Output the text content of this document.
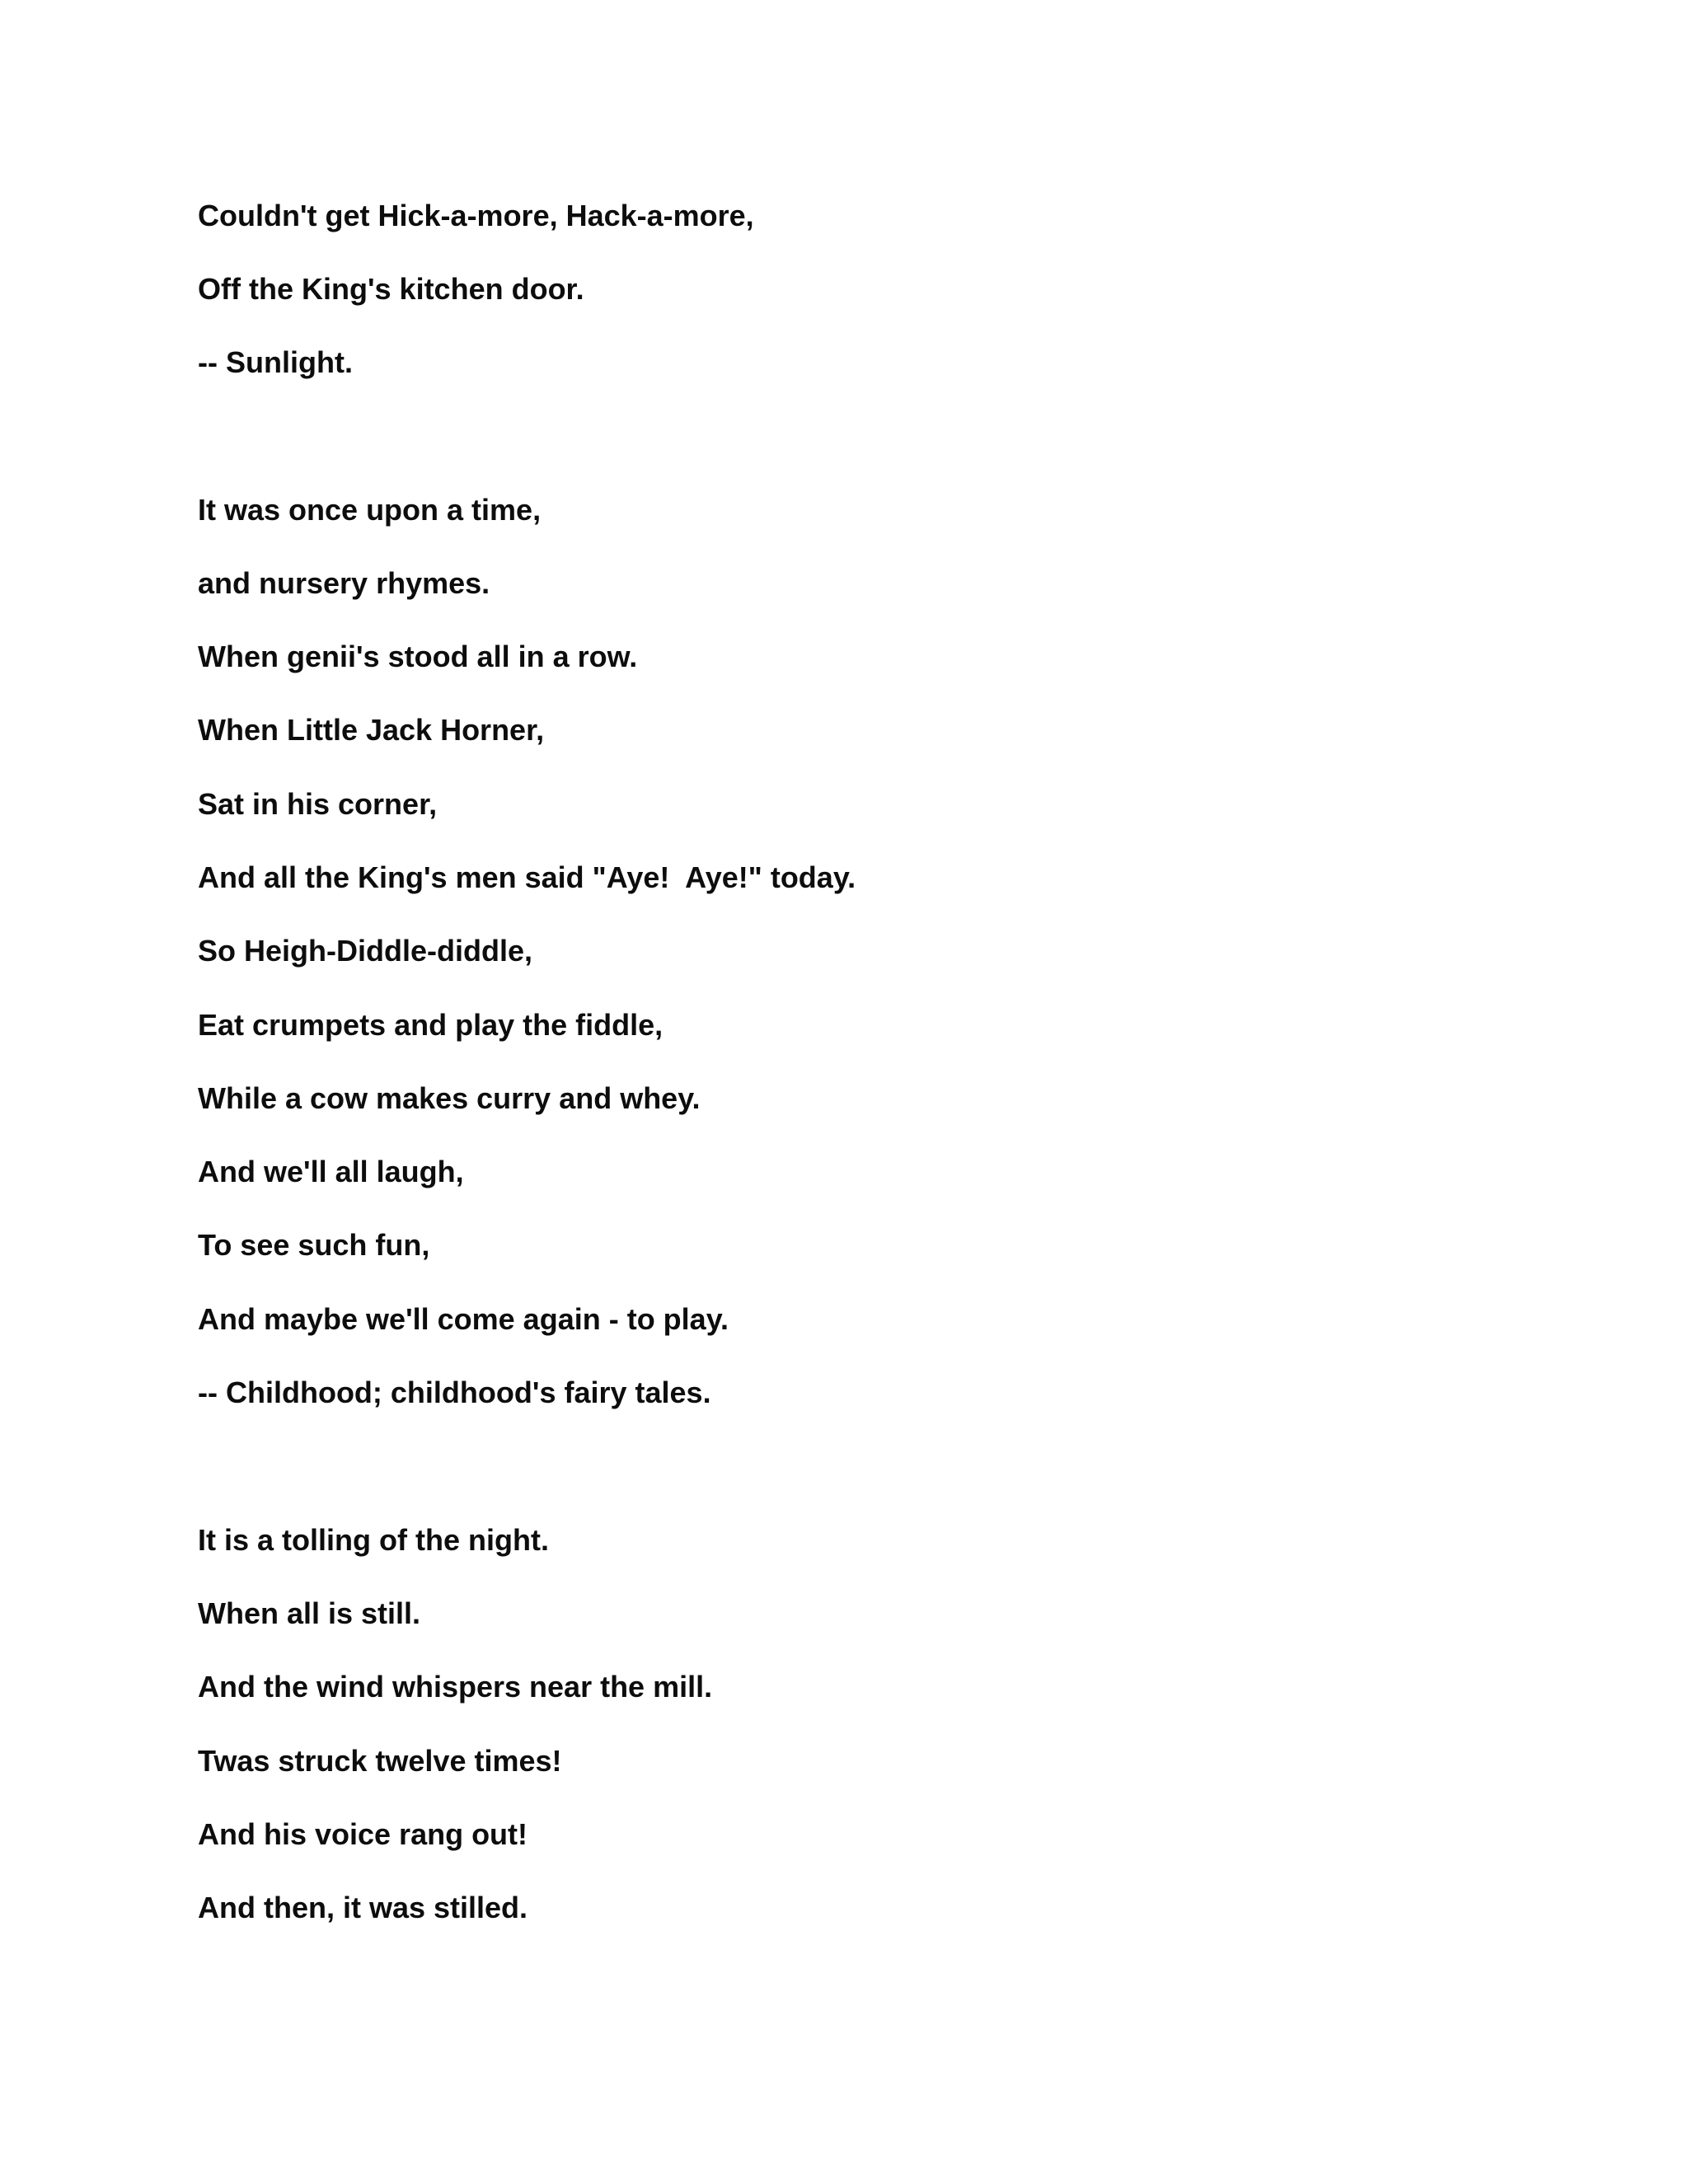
Couldn't get Hick-a-more, Hack-a-more,

Off the King's kitchen door.

-- Sunlight.

It was once upon a time,

and nursery rhymes.

When genii's stood all in a row.

When Little Jack Horner,

Sat in his corner,

And all the King's men said "Aye!  Aye!" today.

So Heigh-Diddle-diddle,

Eat crumpets and play the fiddle,

While a cow makes curry and whey.

And we'll all laugh,

To see such fun,

And maybe we'll come again - to play.

-- Childhood; childhood's fairy tales.

It is a tolling of the night.

When all is still.

And the wind whispers near the mill.

Twas struck twelve times!

And his voice rang out!

And then, it was stilled.
